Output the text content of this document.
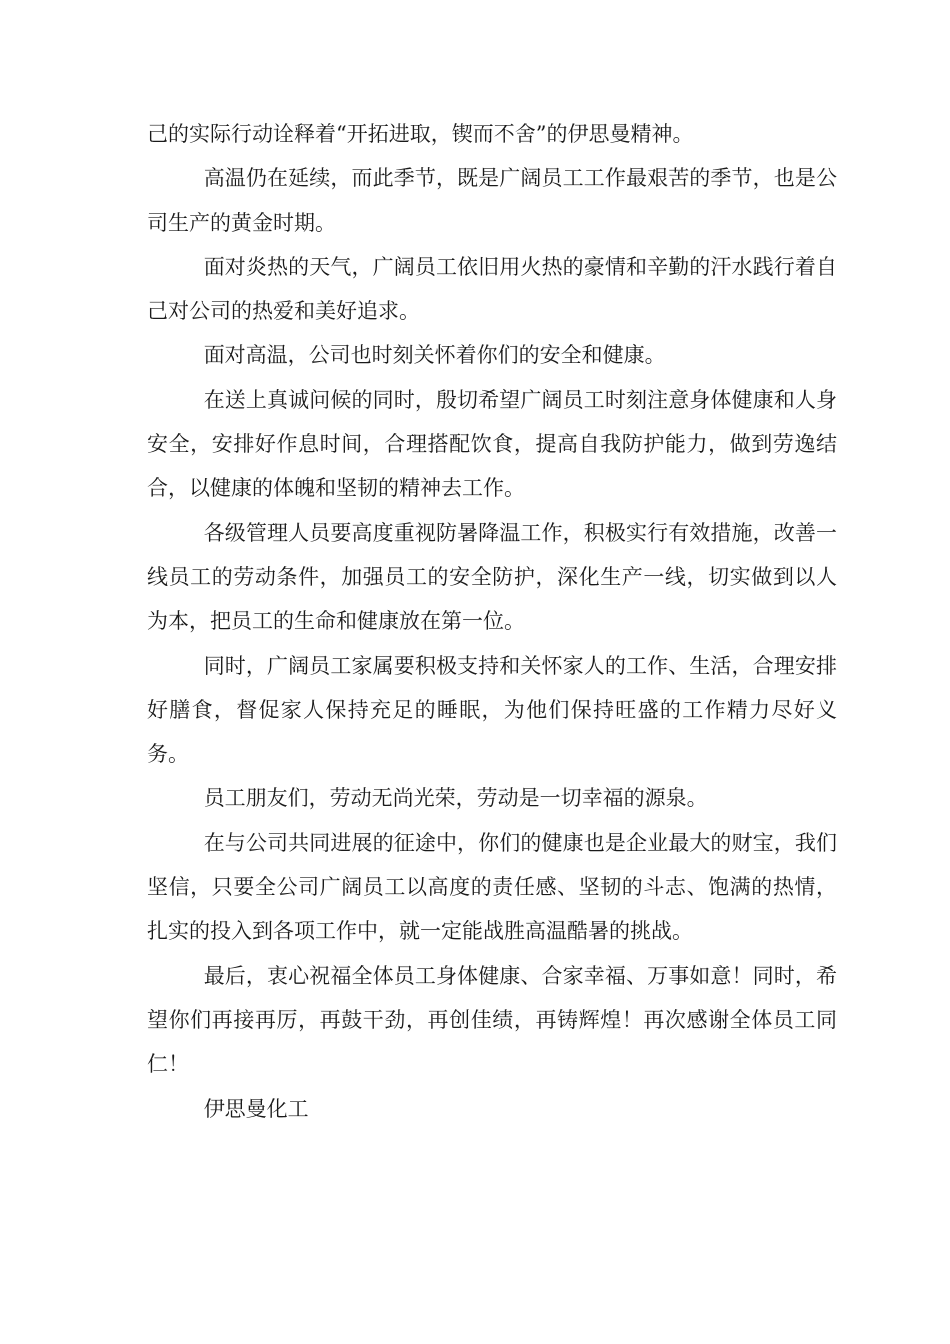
己的实际行动诠释着“开拓进取，锲而不舍”的伊思曼精神。

高温仍在延续，而此季节，既是广阔员工工作最艰苦的季节，也是公司生产的黄金时期。

面对炎热的天气，广阔员工依旧用火热的豪情和辛勤的汗水践行着自己对公司的热爱和美好追求。

面对高温，公司也时刻关怀着你们的安全和健康。

在送上真诚问候的同时，殷切希望广阔员工时刻注意身体健康和人身安全，安排好作息时间，合理搭配饮食，提高自我防护能力，做到劳逸结合，以健康的体魄和坚韧的精神去工作。

各级管理人员要高度重视防暑降温工作，积极实行有效措施，改善一线员工的劳动条件，加强员工的安全防护，深化生产一线，切实做到以人为本，把员工的生命和健康放在第一位。

同时，广阔员工家属要积极支持和关怀家人的工作、生活，合理安排好膳食，督促家人保持充足的睡眠，为他们保持旺盛的工作精力尽好义务。

员工朋友们，劳动无尚光荣，劳动是一切幸福的源泉。

在与公司共同进展的征途中，你们的健康也是企业最大的财宝，我们坚信，只要全公司广阔员工以高度的责任感、坚韧的斗志、饱满的热情，扎实的投入到各项工作中，就一定能战胜高温酷暑的挑战。

最后，衷心祝福全体员工身体健康、合家幸福、万事如意！同时，希望你们再接再厉，再鼓干劲，再创佳绩，再铸辉煌！再次感谢全体员工同仁！

伊思曼化工
